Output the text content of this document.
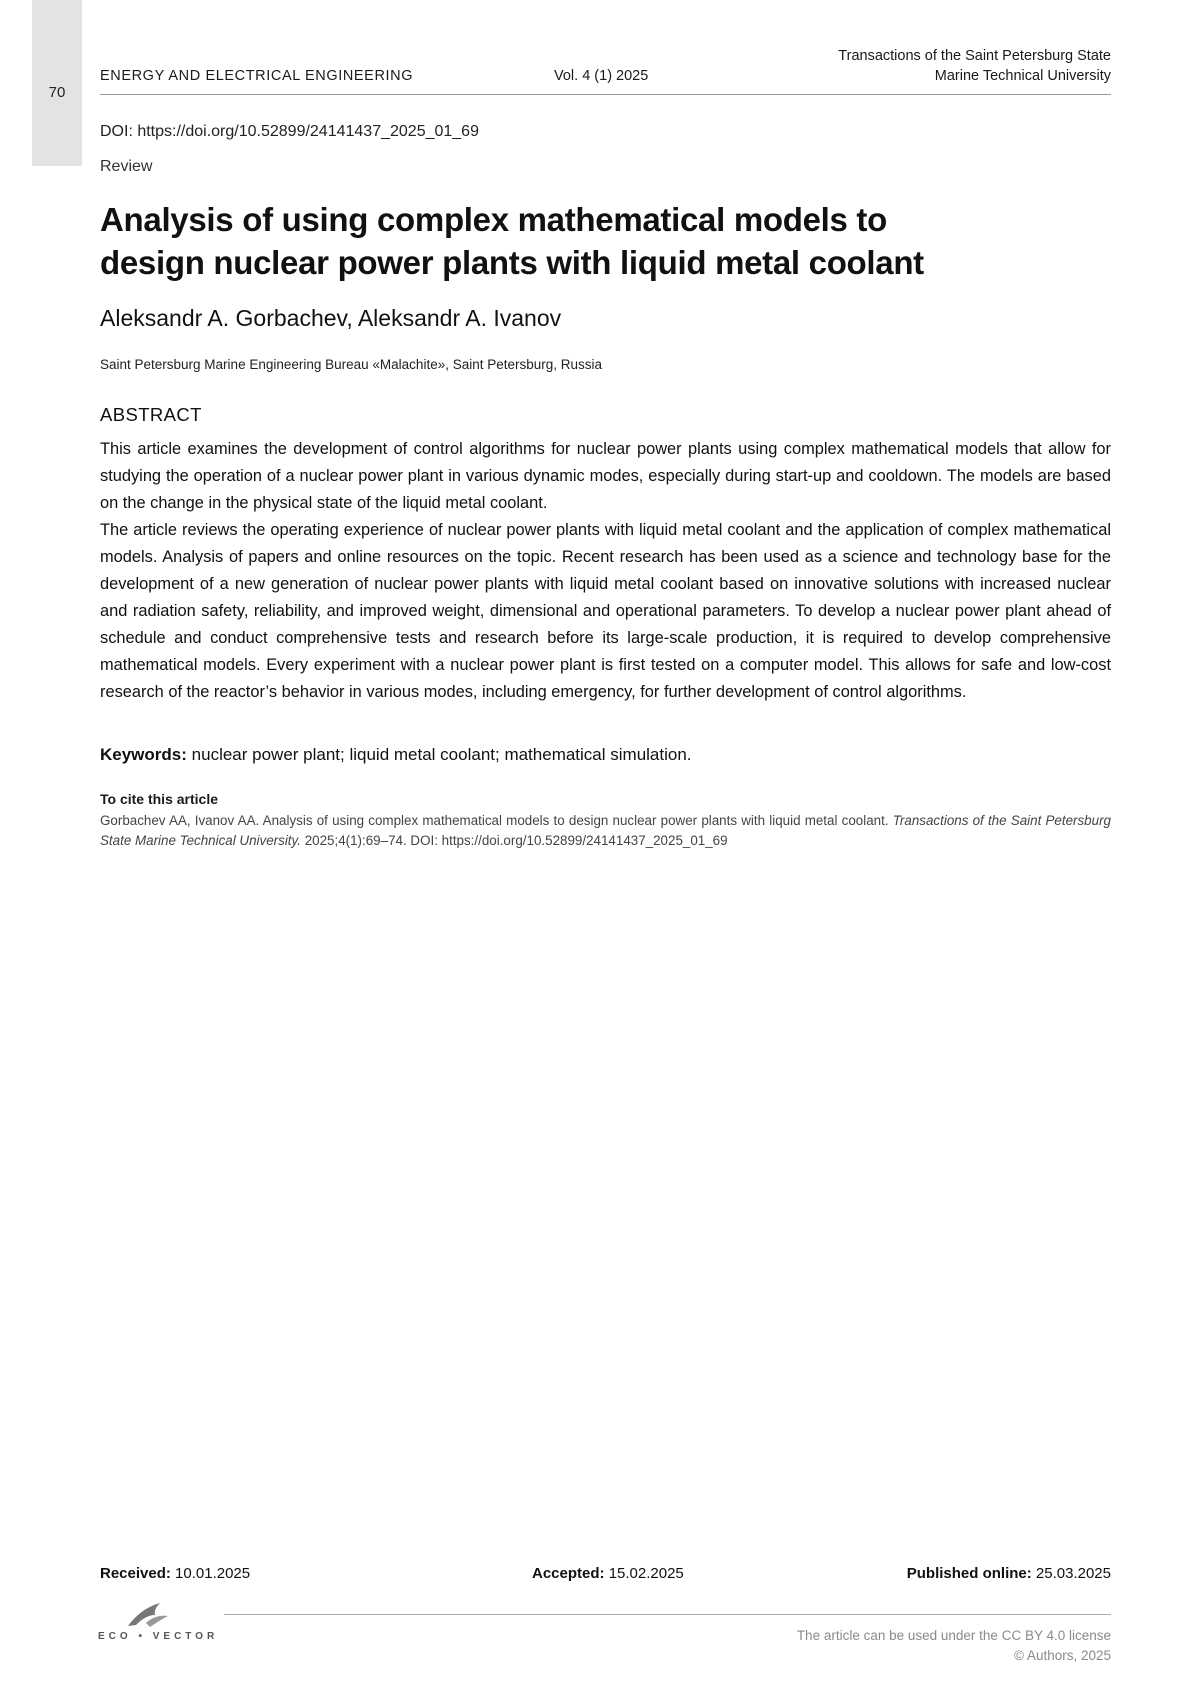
70
ENERGY AND ELECTRICAL ENGINEERING	Vol. 4 (1) 2025
Transactions of the Saint Petersburg State
Marine Technical University
DOI: https://doi.org/10.52899/24141437_2025_01_69
Review
Analysis of using complex mathematical models to
design nuclear power plants with liquid metal coolant
Aleksandr A. Gorbachev, Aleksandr A. Ivanov
Saint Petersburg Marine Engineering Bureau «Malachite», Saint Petersburg, Russia
ABSTRACT

This article examines the development of control algorithms for nuclear power plants using complex mathematical models that allow for studying the operation of a nuclear power plant in various dynamic modes, especially during start-up and cooldown. The models are based on the change in the physical state of the liquid metal coolant.

The article reviews the operating experience of nuclear power plants with liquid metal coolant and the application of complex mathematical models. Analysis of papers and online resources on the topic. Recent research has been used as a science and technology base for the development of a new generation of nuclear power plants with liquid metal coolant based on innovative solutions with increased nuclear and radiation safety, reliability, and improved weight, dimensional and operational parameters. To develop a nuclear power plant ahead of schedule and conduct comprehensive tests and research before its large-scale production, it is required to develop comprehensive mathematical models. Every experiment with a nuclear power plant is first tested on a computer model. This allows for safe and low-cost research of the reactor’s behavior in various modes, including emergency, for further development of control algorithms.

Keywords: nuclear power plant; liquid metal coolant; mathematical simulation.
To cite this article
Gorbachev AA, Ivanov AA. Analysis of using complex mathematical models to design nuclear power plants with liquid metal coolant. Transactions of the Saint Petersburg State Marine Technical University. 2025;4(1):69–74. DOI: https://doi.org/10.52899/24141437_2025_01_69
Received: 10.01.2025	Accepted: 15.02.2025	Published online: 25.03.2025
ECO • VECTOR	The article can be used under the CC BY 4.0 license
© Authors, 2025
